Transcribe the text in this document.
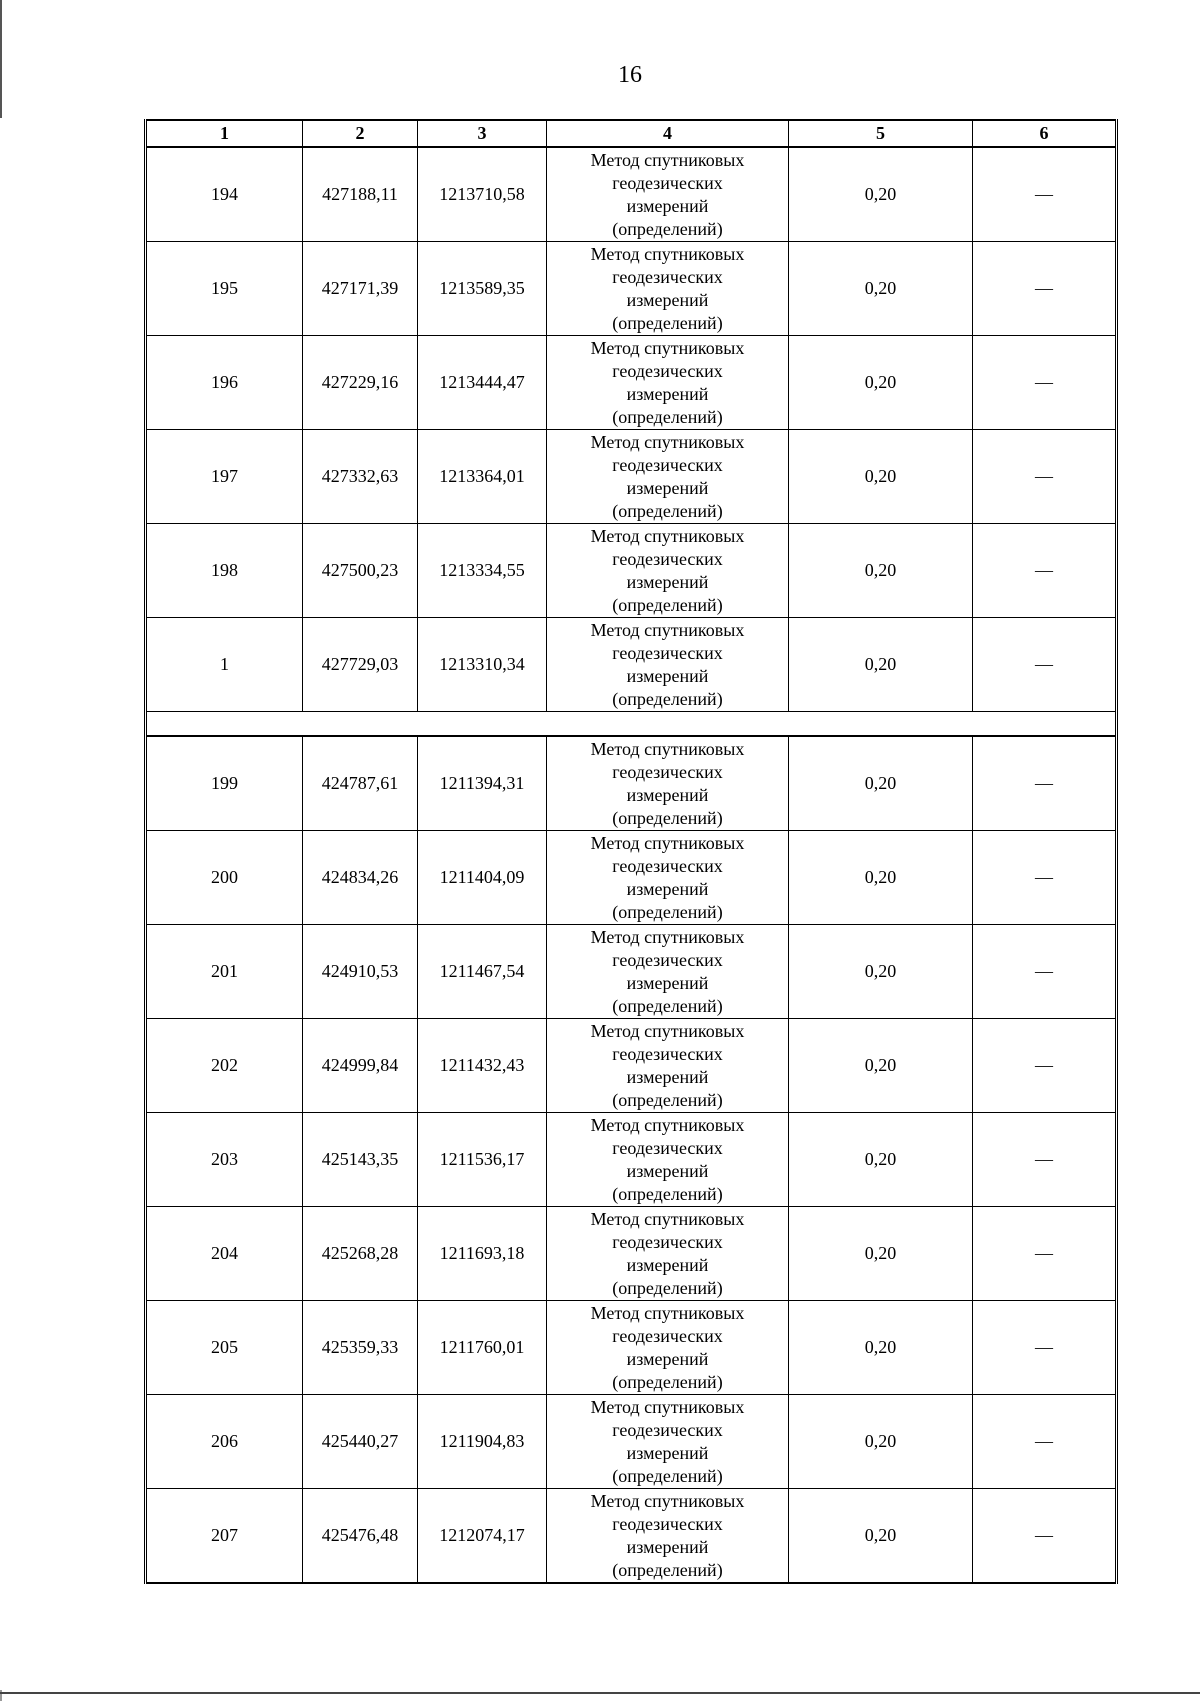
16
1	2	3	4	5	6
194	427188,11	1213710,58	Метод спутниковых
геодезических
измерений
(определений)	0,20	—
195	427171,39	1213589,35	Метод спутниковых
геодезических
измерений
(определений)	0,20	—
196	427229,16	1213444,47	Метод спутниковых
геодезических
измерений
(определений)	0,20	—
197	427332,63	1213364,01	Метод спутниковых
геодезических
измерений
(определений)	0,20	—
198	427500,23	1213334,55	Метод спутниковых
геодезических
измерений
(определений)	0,20	—
1	427729,03	1213310,34	Метод спутниковых
геодезических
измерений
(определений)	0,20	—

199	424787,61	1211394,31	Метод спутниковых
геодезических
измерений
(определений)	0,20	—
200	424834,26	1211404,09	Метод спутниковых
геодезических
измерений
(определений)	0,20	—
201	424910,53	1211467,54	Метод спутниковых
геодезических
измерений
(определений)	0,20	—
202	424999,84	1211432,43	Метод спутниковых
геодезических
измерений
(определений)	0,20	—
203	425143,35	1211536,17	Метод спутниковых
геодезических
измерений
(определений)	0,20	—
204	425268,28	1211693,18	Метод спутниковых
геодезических
измерений
(определений)	0,20	—
205	425359,33	1211760,01	Метод спутниковых
геодезических
измерений
(определений)	0,20	—
206	425440,27	1211904,83	Метод спутниковых
геодезических
измерений
(определений)	0,20	—
207	425476,48	1212074,17	Метод спутниковых
геодезических
измерений
(определений)	0,20	—
